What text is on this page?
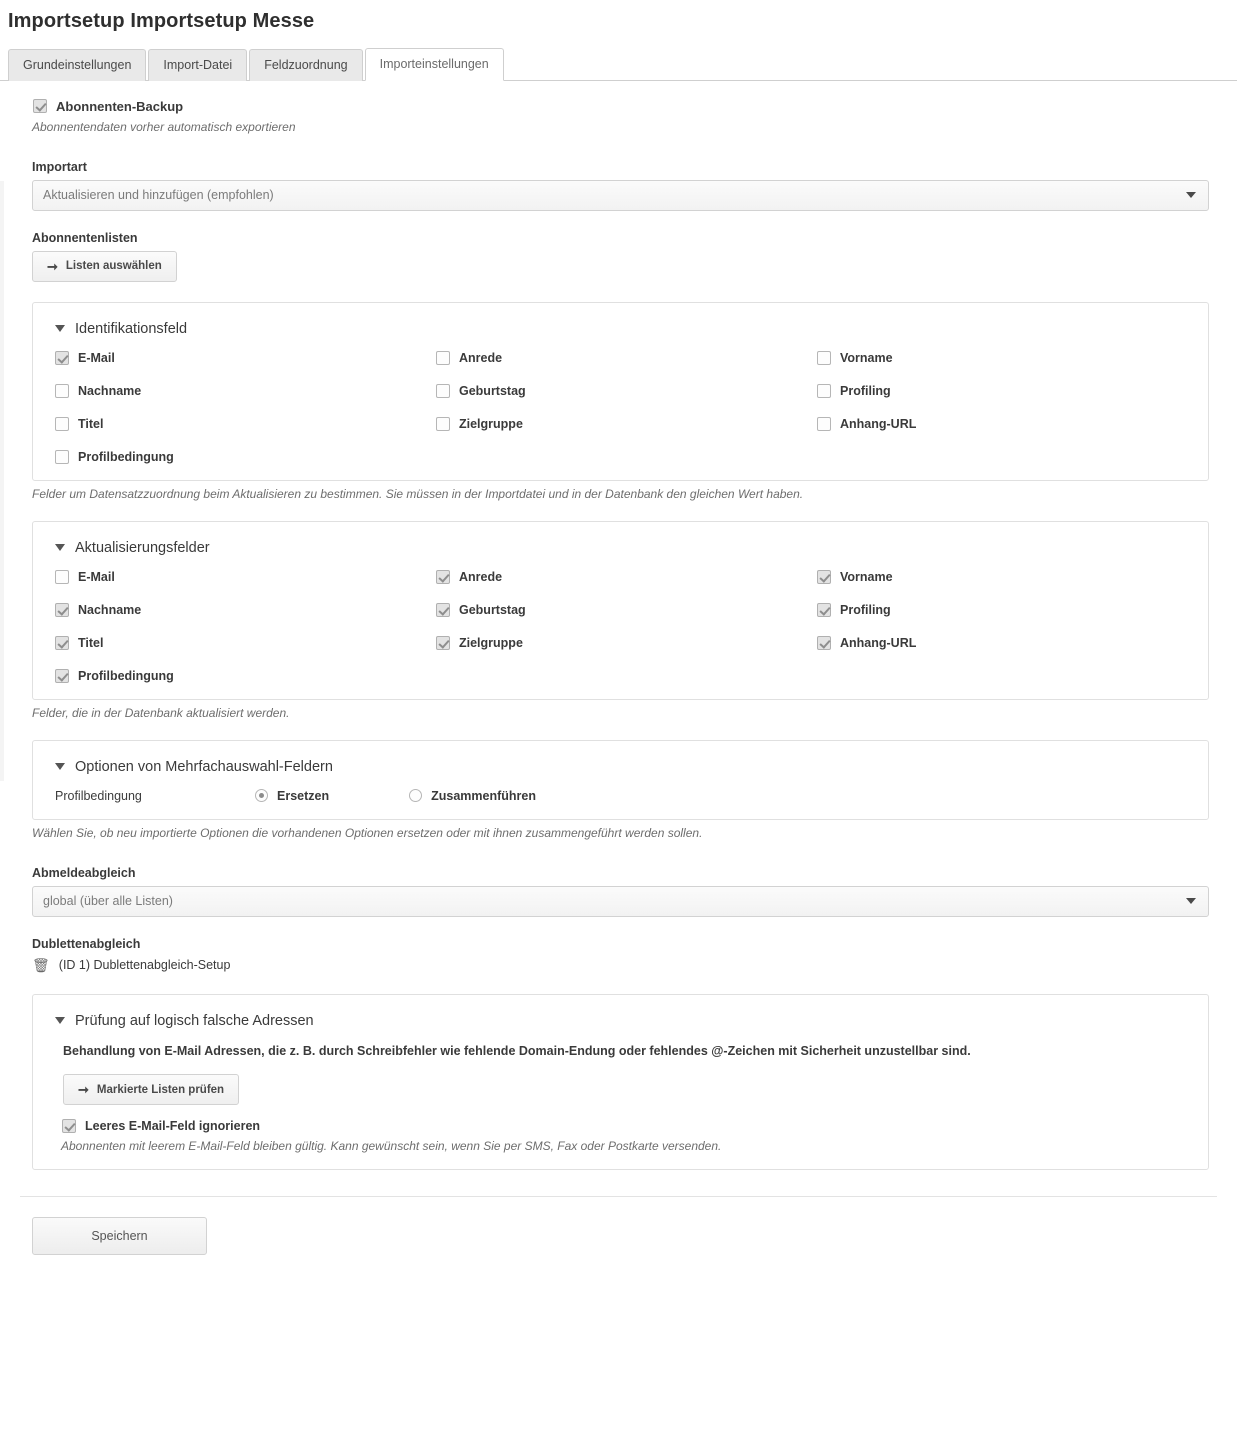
Importsetup Importsetup Messe
Grundeinstellungen	Import-Datei	Feldzuordnung	Importeinstellungen
Abonnenten-Backup
Abonnentendaten vorher automatisch exportieren
Importart
Aktualisieren und hinzufügen (empfohlen)
Abonnentenlisten
➞ Listen auswählen
Identifikationsfeld
E-Mail	Anrede	Vorname
Nachname	Geburtstag	Profiling
Titel	Zielgruppe	Anhang-URL
Profilbedingung
Felder um Datensatzzuordnung beim Aktualisieren zu bestimmen. Sie müssen in der Importdatei und in der Datenbank den gleichen Wert haben.
Aktualisierungsfelder
E-Mail	Anrede	Vorname
Nachname	Geburtstag	Profiling
Titel	Zielgruppe	Anhang-URL
Profilbedingung
Felder, die in der Datenbank aktualisiert werden.
Optionen von Mehrfachauswahl-Feldern
Profilbedingung	Ersetzen	Zusammenführen
Wählen Sie, ob neu importierte Optionen die vorhandenen Optionen ersetzen oder mit ihnen zusammengeführt werden sollen.
Abmeldeabgleich
global (über alle Listen)
Dublettenabgleich
🗑 (ID 1) Dublettenabgleich-Setup
Prüfung auf logisch falsche Adressen
Behandlung von E-Mail Adressen, die z. B. durch Schreibfehler wie fehlende Domain-Endung oder fehlendes @-Zeichen mit Sicherheit unzustellbar sind.
➞ Markierte Listen prüfen
Leeres E-Mail-Feld ignorieren
Abonnenten mit leerem E-Mail-Feld bleiben gültig. Kann gewünscht sein, wenn Sie per SMS, Fax oder Postkarte versenden.
Speichern
